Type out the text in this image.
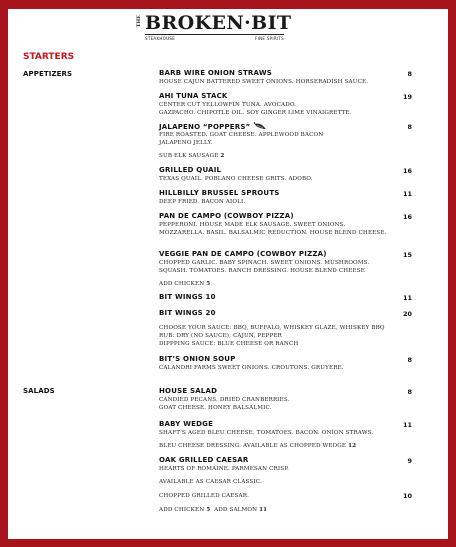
THE BROKEN·BIT
STEAKHOUSE	FINE SPIRITS
STARTERS
APPETIZERS	BARB WIRE ONION STRAWS	8
HOUSE CAJUN BATTERED SWEET ONIONS. HORSERADISH SAUCE.
AHI TUNA STACK	19
CENTER CUT YELLOWFIN TUNA. AVOCADO.
GAZPACHO. CHIPOTLE OIL. SOY GINGER LIME VINAIGRETTE.
JALAPENO “POPPERS”	8
FIRE ROASTED. GOAT CHEESE. APPLEWOOD BACON
JALAPENO JELLY.
SUB ELK SAUSAGE 2
GRILLED QUAIL	16
TEXAS QUAIL. POBLANO CHEESE GRITS. ADOBO.
HILLBILLY BRUSSEL SPROUTS	11
DEEP FRIED. BACON AIOLI.
PAN DE CAMPO (COWBOY PIZZA)	16
PEPPERONI. HOUSE MADE ELK SAUSAGE. SWEET ONIONS.
MOZZARELLA. BASIL. BALSALMIC REDUCTION. HOUSE BLEND CHEESE.
VEGGIE PAN DE CAMPO (COWBOY PIZZA)	15
CHOPPED GARLIC. BABY SPINACH. SWEET ONIONS. MUSHROOMS.
SQUASH. TOMATOES. RANCH DRESSING. HOUSE BLEND CHEESE
ADD CHICKEN 5
BIT WINGS 10	11
BIT WINGS 20	20
CHOOSE YOUR SAUCE: BBQ, BUFFALO, WHISKEY GLAZE, WHISKEY BBQ
RUB: DRY (NO SAUCE), CAJUN, PEPPER
DIPPPING SAUCE: BLUE CHEESE OR RANCH
BIT’S ONION SOUP	8
CALANDRI FARMS SWEET ONIONS. CROUTONS. GRUYERE.
SALADS	HOUSE SALAD	8
CANDIED PECANS. DRIED CRANBERRIES.
GOAT CHEESE. HONEY BALSALMIC.
BABY WEDGE	11
SHAFT’S AGED BLEU CHEESE. TOMATOES. BACON. ONION STRAWS.
BLEU CHEESE DRESSING. AVAILABLE AS CHOPPED WEDGE 12
OAK GRILLED CAESAR	9
HEARTS OF ROMAINE. PARMESAN CRISP.
AVAILABLE AS CAESAR CLASSIC.
CHOPPED GRILLED CAESAR.	10
ADD CHICKEN 5 ADD SALMON 11
